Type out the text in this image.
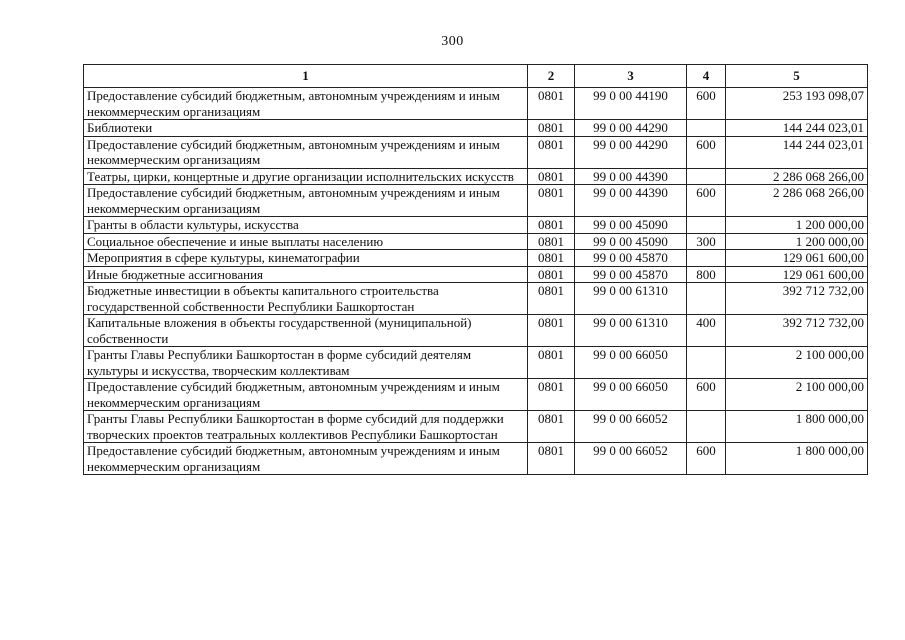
300
1	2	3	4	5
Предоставление субсидий бюджетным, автономным учреждениям и иным некоммерческим организациям	0801	99 0 00 44190	600	253 193 098,07
Библиотеки	0801	99 0 00 44290		144 244 023,01
Предоставление субсидий бюджетным, автономным учреждениям и иным некоммерческим организациям	0801	99 0 00 44290	600	144 244 023,01
Театры, цирки, концертные и другие организации исполнительских искусств	0801	99 0 00 44390		2 286 068 266,00
Предоставление субсидий бюджетным, автономным учреждениям и иным некоммерческим организациям	0801	99 0 00 44390	600	2 286 068 266,00
Гранты в области культуры, искусства	0801	99 0 00 45090		1 200 000,00
Социальное обеспечение и иные выплаты населению	0801	99 0 00 45090	300	1 200 000,00
Мероприятия в сфере культуры, кинематографии	0801	99 0 00 45870		129 061 600,00
Иные бюджетные ассигнования	0801	99 0 00 45870	800	129 061 600,00
Бюджетные инвестиции в объекты капитального строительства государственной собственности Республики Башкортостан	0801	99 0 00 61310		392 712 732,00
Капитальные вложения в объекты государственной (муниципальной) собственности	0801	99 0 00 61310	400	392 712 732,00
Гранты Главы Республики Башкортостан в форме субсидий деятелям культуры и искусства, творческим коллективам	0801	99 0 00 66050		2 100 000,00
Предоставление субсидий бюджетным, автономным учреждениям и иным некоммерческим организациям	0801	99 0 00 66050	600	2 100 000,00
Гранты Главы Республики Башкортостан в форме субсидий для поддержки творческих проектов театральных коллективов Республики Башкортостан	0801	99 0 00 66052		1 800 000,00
Предоставление субсидий бюджетным, автономным учреждениям и иным некоммерческим организациям	0801	99 0 00 66052	600	1 800 000,00
